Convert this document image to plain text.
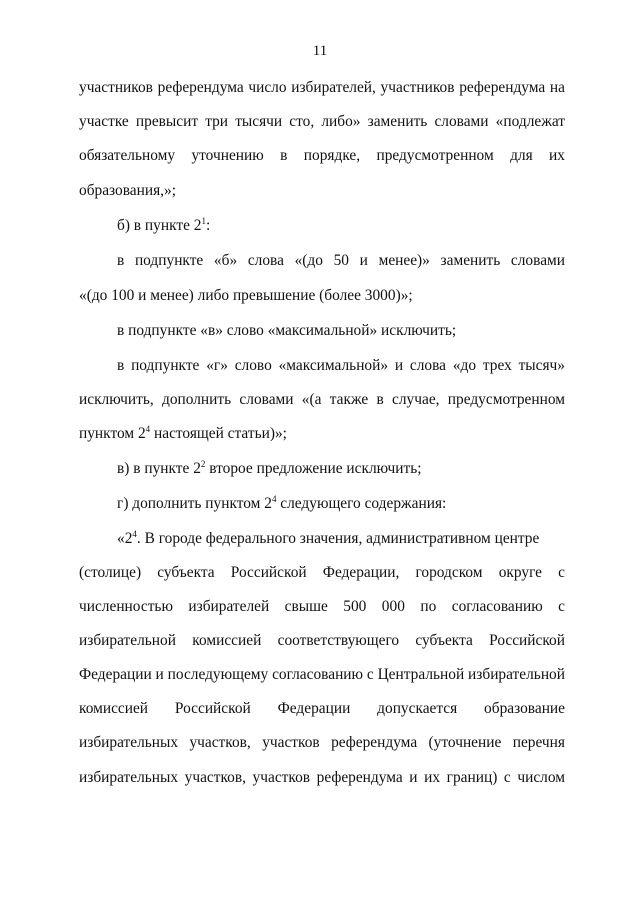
11
участников референдума число избирателей, участников референдума на
участке превысит три тысячи сто, либо» заменить словами «подлежат
обязательному уточнению в порядке, предусмотренном для их
образования,»;
б) в пункте $2^1$:
в подпункте «б» слова «(до 50 и менее)» заменить словами
«(до 100 и менее) либо превышение (более 3000)»;
в подпункте «в» слово «максимальной» исключить;
в подпункте «г» слово «максимальной» и слова «до трех тысяч»
исключить, дополнить словами «(а также в случае, предусмотренном
пунктом $2^4$ настоящей статьи)»;
в) в пункте $2^2$ второе предложение исключить;
г) дополнить пунктом $2^4$ следующего содержания:
«$2^4$. В городе федерального значения, административном центре
(столице) субъекта Российской Федерации, городском округе с
численностью избирателей свыше 500 000 по согласованию с
избирательной комиссией соответствующего субъекта Российской
Федерации и последующему согласованию с Центральной избирательной
комиссией Российской Федерации допускается образование
избирательных участков, участков референдума (уточнение перечня
избирательных участков, участков референдума и их границ) с числом
